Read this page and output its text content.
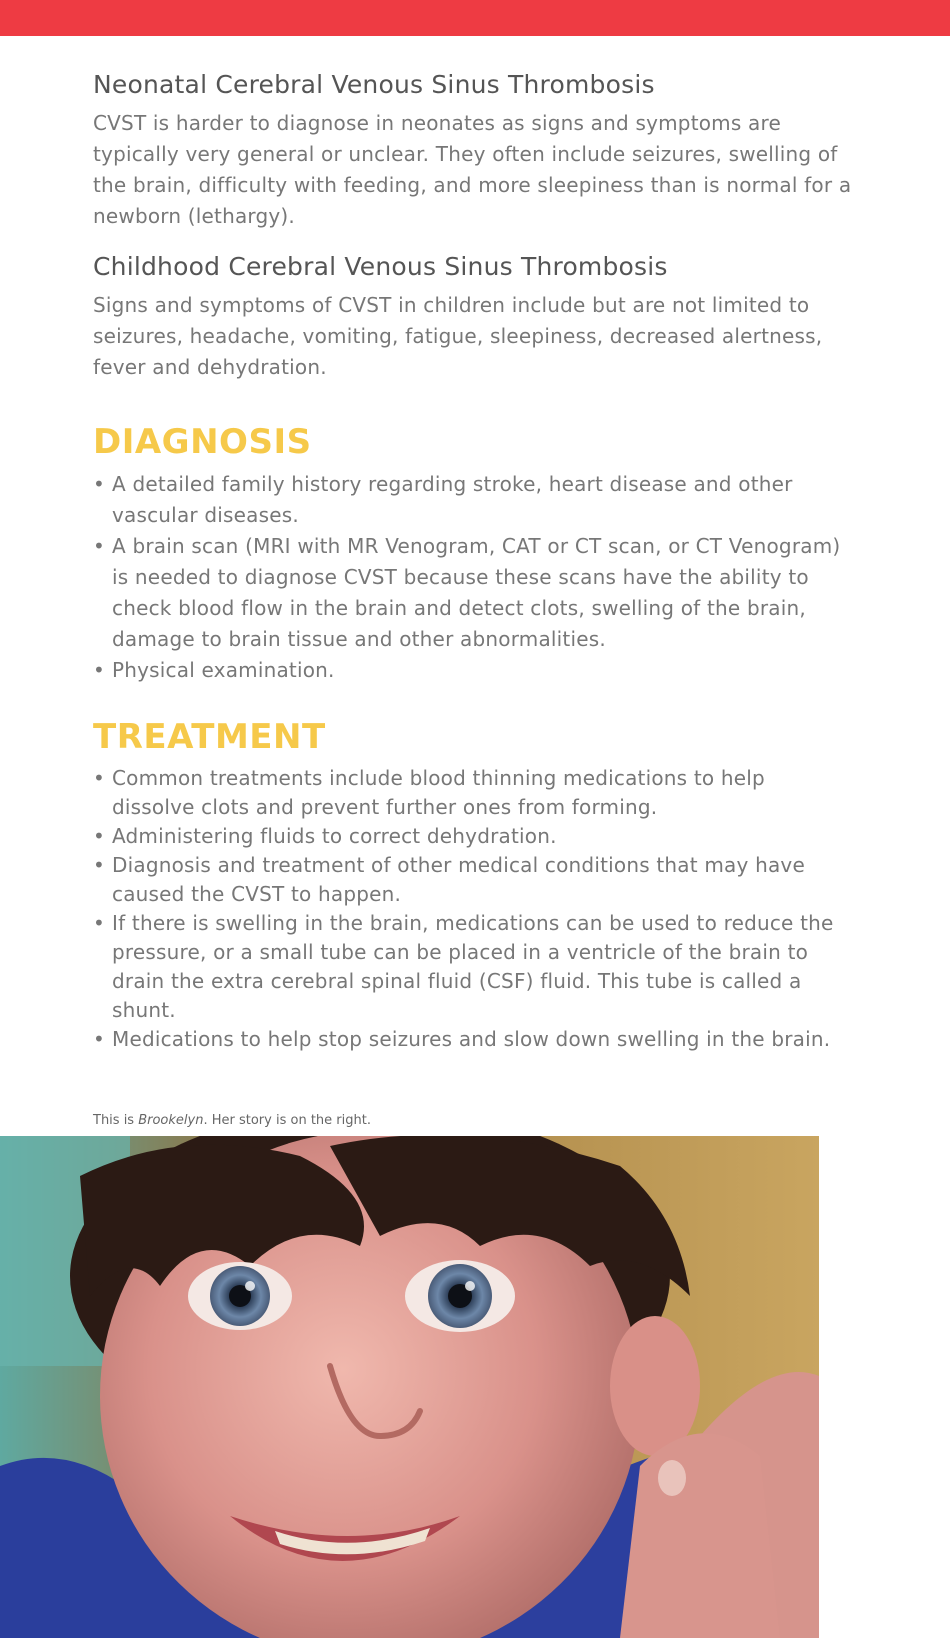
Neonatal Cerebral Venous Sinus Thrombosis

CVST is harder to diagnose in neonates as signs and symptoms are typically very general or unclear. They often include seizures, swelling of the brain, difficulty with feeding, and more sleepiness than is normal for a newborn (lethargy).

Childhood Cerebral Venous Sinus Thrombosis

Signs and symptoms of CVST in children include but are not limited to seizures, headache, vomiting, fatigue, sleepiness, decreased alertness, fever and dehydration.

DIAGNOSIS
• A detailed family history regarding stroke, heart disease and other vascular diseases.
• A brain scan (MRI with MR Venogram, CAT or CT scan, or CT Venogram) is needed to diagnose CVST because these scans have the ability to check blood flow in the brain and detect clots, swelling of the brain, damage to brain tissue and other abnormalities.
• Physical examination.
TREATMENT
• Common treatments include blood thinning medications to help dissolve clots and prevent further ones from forming.
• Administering fluids to correct dehydration.
• Diagnosis and treatment of other medical conditions that may have caused the CVST to happen.
• If there is swelling in the brain, medications can be used to reduce the pressure, or a small tube can be placed in a ventricle of the brain to drain the extra cerebral spinal fluid (CSF) fluid. This tube is called a shunt.
• Medications to help stop seizures and slow down swelling in the brain.
This is Brookelyn. Her story is on the right.
